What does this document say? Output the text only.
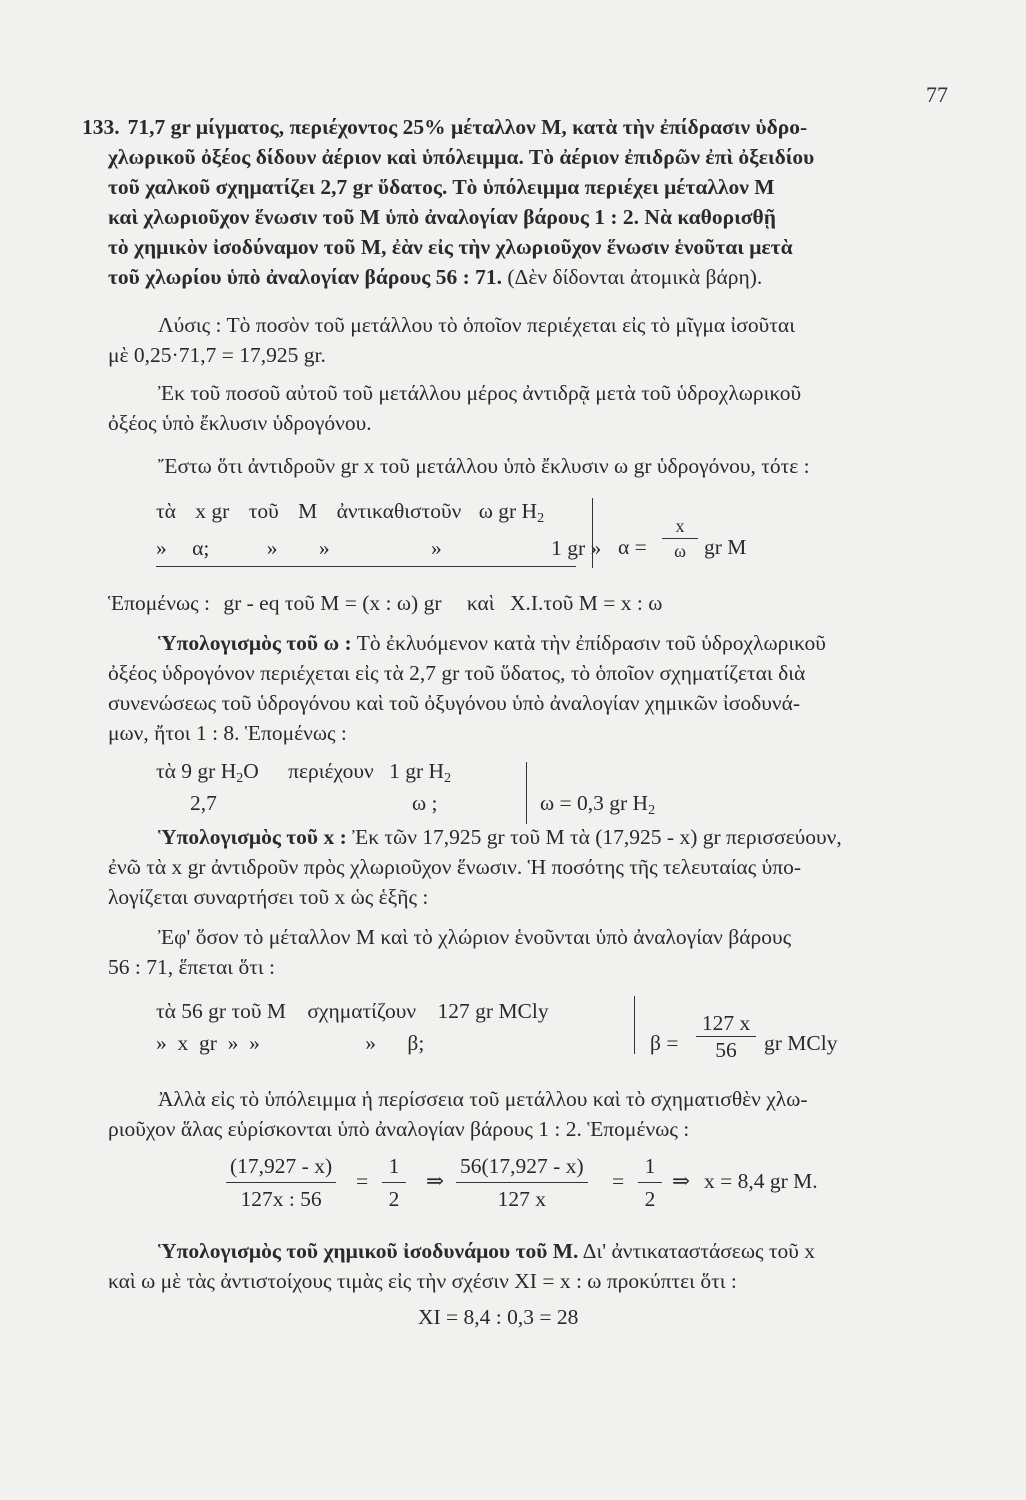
77
133. 71,7 gr μίγματος, περιέχοντος 25% μέταλλον Μ, κατὰ τὴν ἐπίδρασιν ὑδρο-
χλωρικοῦ ὀξέος δίδουν ἀέριον καὶ ὑπόλειμμα. Τὸ ἀέριον ἐπιδρῶν ἐπὶ ὀξειδίου
τοῦ χαλκοῦ σχηματίζει 2,7 gr ὕδατος. Τὸ ὑπόλειμμα περιέχει μέταλλον Μ
καὶ χλωριοῦχον ἕνωσιν τοῦ Μ ὑπὸ ἀναλογίαν βάρους 1 : 2. Νὰ καθορισθῇ
τὸ χημικὸν ἰσοδύναμον τοῦ Μ, ἐὰν εἰς τὴν χλωριοῦχον ἕνωσιν ἑνοῦται μετὰ
τοῦ χλωρίου ὑπὸ ἀναλογίαν βάρους 56 : 71. (Δὲν δίδονται ἀτομικὰ βάρη).
Λύσις : Τὸ ποσὸν τοῦ μετάλλου τὸ ὁποῖον περιέχεται εἰς τὸ μῖγμα ἰσοῦται
μὲ 0,25·71,7 = 17,925 gr.
Ἐκ τοῦ ποσοῦ αὐτοῦ τοῦ μετάλλου μέρος ἀντιδρᾷ μετὰ τοῦ ὑδροχλωρικοῦ
ὀξέος ὑπὸ ἔκλυσιν ὑδρογόνου.
Ἔστω ὅτι ἀντιδροῦν gr x τοῦ μετάλλου ὑπὸ ἔκλυσιν ω gr ὑδρογόνου, τότε :
τὰ x gr τοῦ Μ ἀντικαθιστοῦν ω gr $H_2$
» α;	» »	»	1 gr » $\alpha = \frac{x}{\omega}$ gr M
Ἑπομένως : gr - eq τοῦ Μ = (x : ω) gr καὶ Χ.Ι.τοῦ Μ = x : ω
Ὑπολογισμὸς τοῦ ω : Τὸ ἐκλυόμενον κατὰ τὴν ἐπίδρασιν τοῦ ὑδροχλωρικοῦ
ὀξέος ὑδρογόνον περιέχεται εἰς τὰ 2,7 gr τοῦ ὕδατος, τὸ ὁποῖον σχηματίζεται διὰ
συνενώσεως τοῦ ὑδρογόνου καὶ τοῦ ὀξυγόνου ὑπὸ ἀναλογίαν χημικῶν ἰσοδυνά-
μων, ἤτοι 1 : 8. Ἑπομένως :
τὰ 9 gr $H_2O$ περιέχουν 1 gr $H_2$
2,7	ω ;	ω = 0,3 gr $H_2$
Ὑπολογισμὸς τοῦ x : Ἐκ τῶν 17,925 gr τοῦ Μ τὰ (17,925 - x) gr περισσεύουν,
ἐνῶ τὰ x gr ἀντιδροῦν πρὸς χλωριοῦχον ἕνωσιν. Ἡ ποσότης τῆς τελευταίας ὑπο-
λογίζεται συναρτήσει τοῦ x ὡς ἑξῆς :
Ἐφ' ὅσον τὸ μέταλλον Μ καὶ τὸ χλώριον ἑνοῦνται ὑπὸ ἀναλογίαν βάρους
56 : 71, ἕπεται ὅτι :
τὰ 56 gr τοῦ Μ σχηματίζουν 127 gr MCly
»  x  gr  »  »	» β;	$\beta = \frac{127 x}{56}$ gr MCly
Ἀλλὰ εἰς τὸ ὑπόλειμμα ἡ περίσσεια τοῦ μετάλλου καὶ τὸ σχηματισθὲν χλω-
ριοῦχον ἅλας εὑρίσκονται ὑπὸ ἀναλογίαν βάρους 1 : 2. Ἑπομένως :
$\frac{(17,927 - x)}{127x : 56} = \frac{1}{2}$ ⇒ $\frac{56(17,927 - x)}{127 x} = \frac{1}{2}$ ⇒ x = 8,4 gr M.
Ὑπολογισμὸς τοῦ χημικοῦ ἰσοδυνάμου τοῦ Μ. Δι' ἀντικαταστάσεως τοῦ x
καὶ ω μὲ τὰς ἀντιστοίχους τιμὰς εἰς τὴν σχέσιν ΧΙ = x : ω προκύπτει ὅτι :
ΧΙ = 8,4 : 0,3 = 28
